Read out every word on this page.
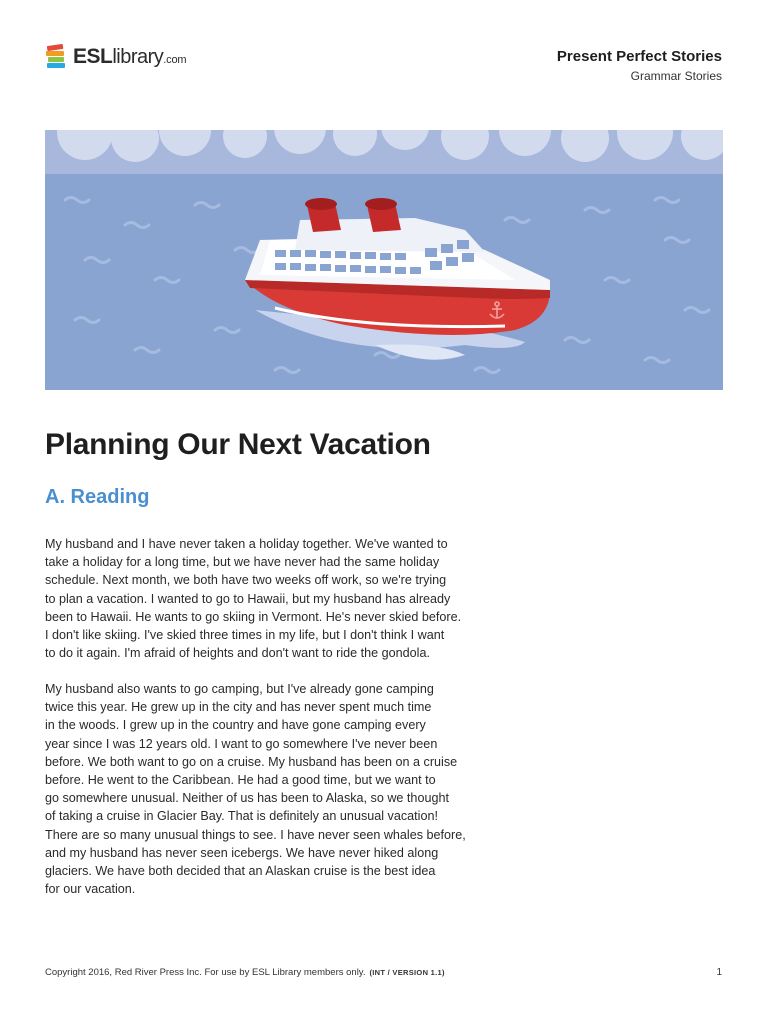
ESLlibrary.com	Present Perfect Stories
Grammar Stories
Planning Our Next Vacation
A. Reading

My husband and I have never taken a holiday together. We've wanted to
take a holiday for a long time, but we have never had the same holiday
schedule. Next month, we both have two weeks off work, so we're trying
to plan a vacation. I wanted to go to Hawaii, but my husband has already
been to Hawaii. He wants to go skiing in Vermont. He's never skied before.
I don't like skiing. I've skied three times in my life, but I don't think I want
to do it again. I'm afraid of heights and don't want to ride the gondola.

My husband also wants to go camping, but I've already gone camping
twice this year. He grew up in the city and has never spent much time
in the woods. I grew up in the country and have gone camping every
year since I was 12 years old. I want to go somewhere I've never been
before. We both want to go on a cruise. My husband has been on a cruise
before. He went to the Caribbean. He had a good time, but we want to
go somewhere unusual. Neither of us has been to Alaska, so we thought
of taking a cruise in Glacier Bay. That is definitely an unusual vacation!
There are so many unusual things to see. I have never seen whales before,
and my husband has never seen icebergs. We have never hiked along
glaciers. We have both decided that an Alaskan cruise is the best idea
for our vacation.

Copyright 2016, Red River Press Inc. For use by ESL Library members only. (INT / VERSION 1.1)	1
